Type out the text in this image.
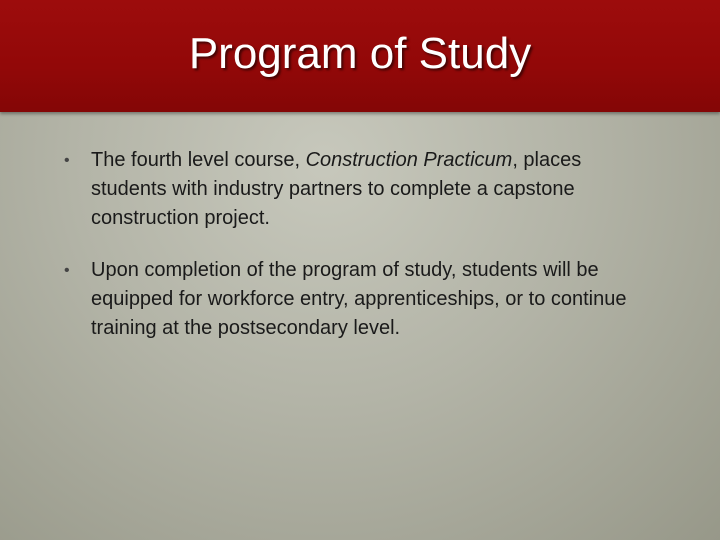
Program of Study
• The fourth level course, Construction Practicum, places students with industry partners to complete a capstone construction project.
• Upon completion of the program of study, students will be equipped for workforce entry, apprenticeships, or to continue training at the postsecondary level.
